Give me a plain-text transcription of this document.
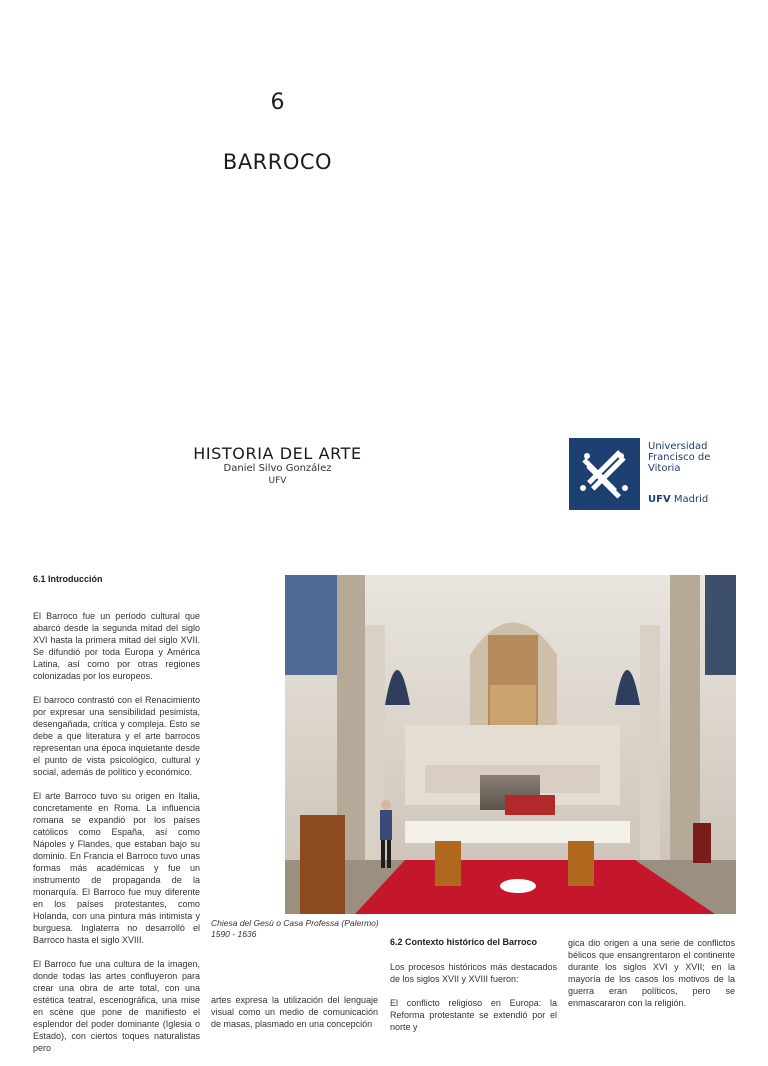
6
BARROCO
HISTORIA DEL ARTE
Daniel Silvo González
UFV
Universidad
Francisco de
Vitoria
UFV Madrid
6.1 Introducción

El Barroco fue un período cultural que abarcó desde la segunda mitad del siglo XVI hasta la primera mitad del siglo XVII. Se difundió por toda Europa y América Latina, así como por otras regiones colonizadas por los europeos.

El barroco contrastó con el Renacimiento por expresar una sensibilidad pesimista, desengañada, crítica y compleja. Esto se debe a que literatura y el arte barrocos representan una época inquietante desde el punto de vista psicológico, cultural y social, además de político y económico.

El arte Barroco tuvo su origen en Italia, concretamente en Roma. La influencia romana se expandió por los países católicos como España, así como Nápoles y Flandes, que estaban bajo su dominio. En Francia el Barroco tuvo unas formas más académicas y fue un instrumento de propaganda de la monarquía. El Barroco fue muy diferente en los países protestantes, como Holanda, con una pintura más intimista y burguesa. Inglaterra no desarrolló el Barroco hasta el siglo XVIII.

El Barroco fue una cultura de la imagen, donde todas las artes confluyeron para crear una obra de arte total, con una estética teatral, escenográfica, una mise en scène que pone de manifiesto el esplendor del poder dominante (Iglesia o Estado), con ciertos toques naturalistas pero

Chiesa del Gesù o Casa Professa (Palermo)
1590 - 1636

artes expresa la utilización del lenguaje visual como un medio de comunicación de masas, plasmado en una concepción

6.2 Contexto histórico del Barroco

Los procesos históricos más destacados de los siglos XVII y XVIII fueron:

El conflicto religioso en Europa: la Reforma protestante se extendió por el norte y

gica dio origen a una serie de conflictos bélicos que ensangrentaron el continente durante los siglos XVI y XVII; en la mayoría de los casos los motivos de la guerra eran políticos, pero se enmascararon con la religión.
